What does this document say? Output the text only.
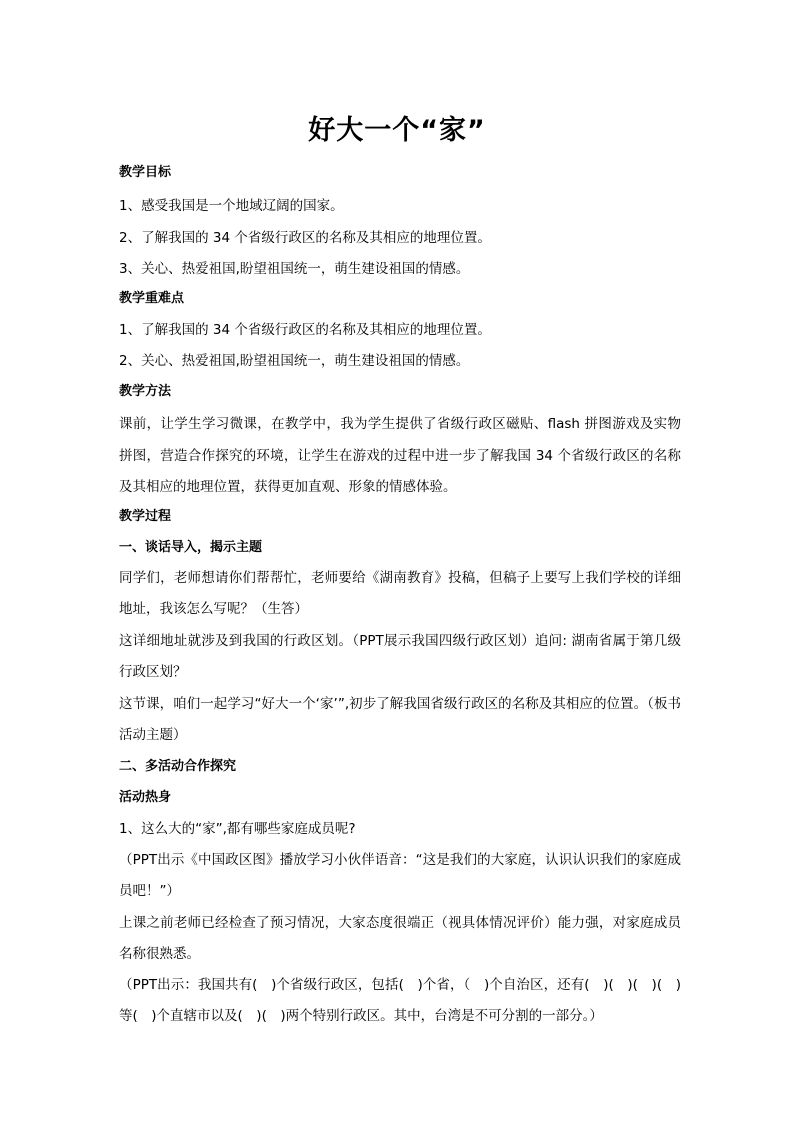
好大一个“家”
教学目标
1、感受我国是一个地域辽阔的国家。
2、了解我国的 34 个省级行政区的名称及其相应的地理位置。
3、关心、热爱祖国,盼望祖国统一，萌生建设祖国的情感。
教学重难点
1、了解我国的 34 个省级行政区的名称及其相应的地理位置。
2、关心、热爱祖国,盼望祖国统一，萌生建设祖国的情感。
教学方法
课前，让学生学习微课，在教学中，我为学生提供了省级行政区磁贴、flash 拼图游戏及实物拼图，营造合作探究的环境，让学生在游戏的过程中进一步了解我国 34 个省级行政区的名称及其相应的地理位置，获得更加直观、形象的情感体验。
教学过程
一、谈话导入，揭示主题
同学们，老师想请你们帮帮忙，老师要给《湖南教育》投稿，但稿子上要写上我们学校的详细地址，我该怎么写呢？（生答）
这详细地址就涉及到我国的行政区划。（PPT展示我国四级行政区划）追问: 湖南省属于第几级行政区划？
这节课，咱们一起学习“好大一个‘家’”,初步了解我国省级行政区的名称及其相应的位置。（板书活动主题）
二、多活动合作探究
活动热身
1、这么大的“家”,都有哪些家庭成员呢?
（PPT出示《中国政区图》播放学习小伙伴语音：“这是我们的大家庭，认识认识我们的家庭成员吧！”）
上课之前老师已经检查了预习情况，大家态度很端正（视具体情况评价）能力强，对家庭成员名称很熟悉。
（PPT出示：我国共有(　)个省级行政区，包括(　)个省，（　)个自治区，还有(　)(　)(　)(　)等(　)个直辖市以及(　)(　)两个特别行政区。其中，台湾是不可分割的一部分。）
